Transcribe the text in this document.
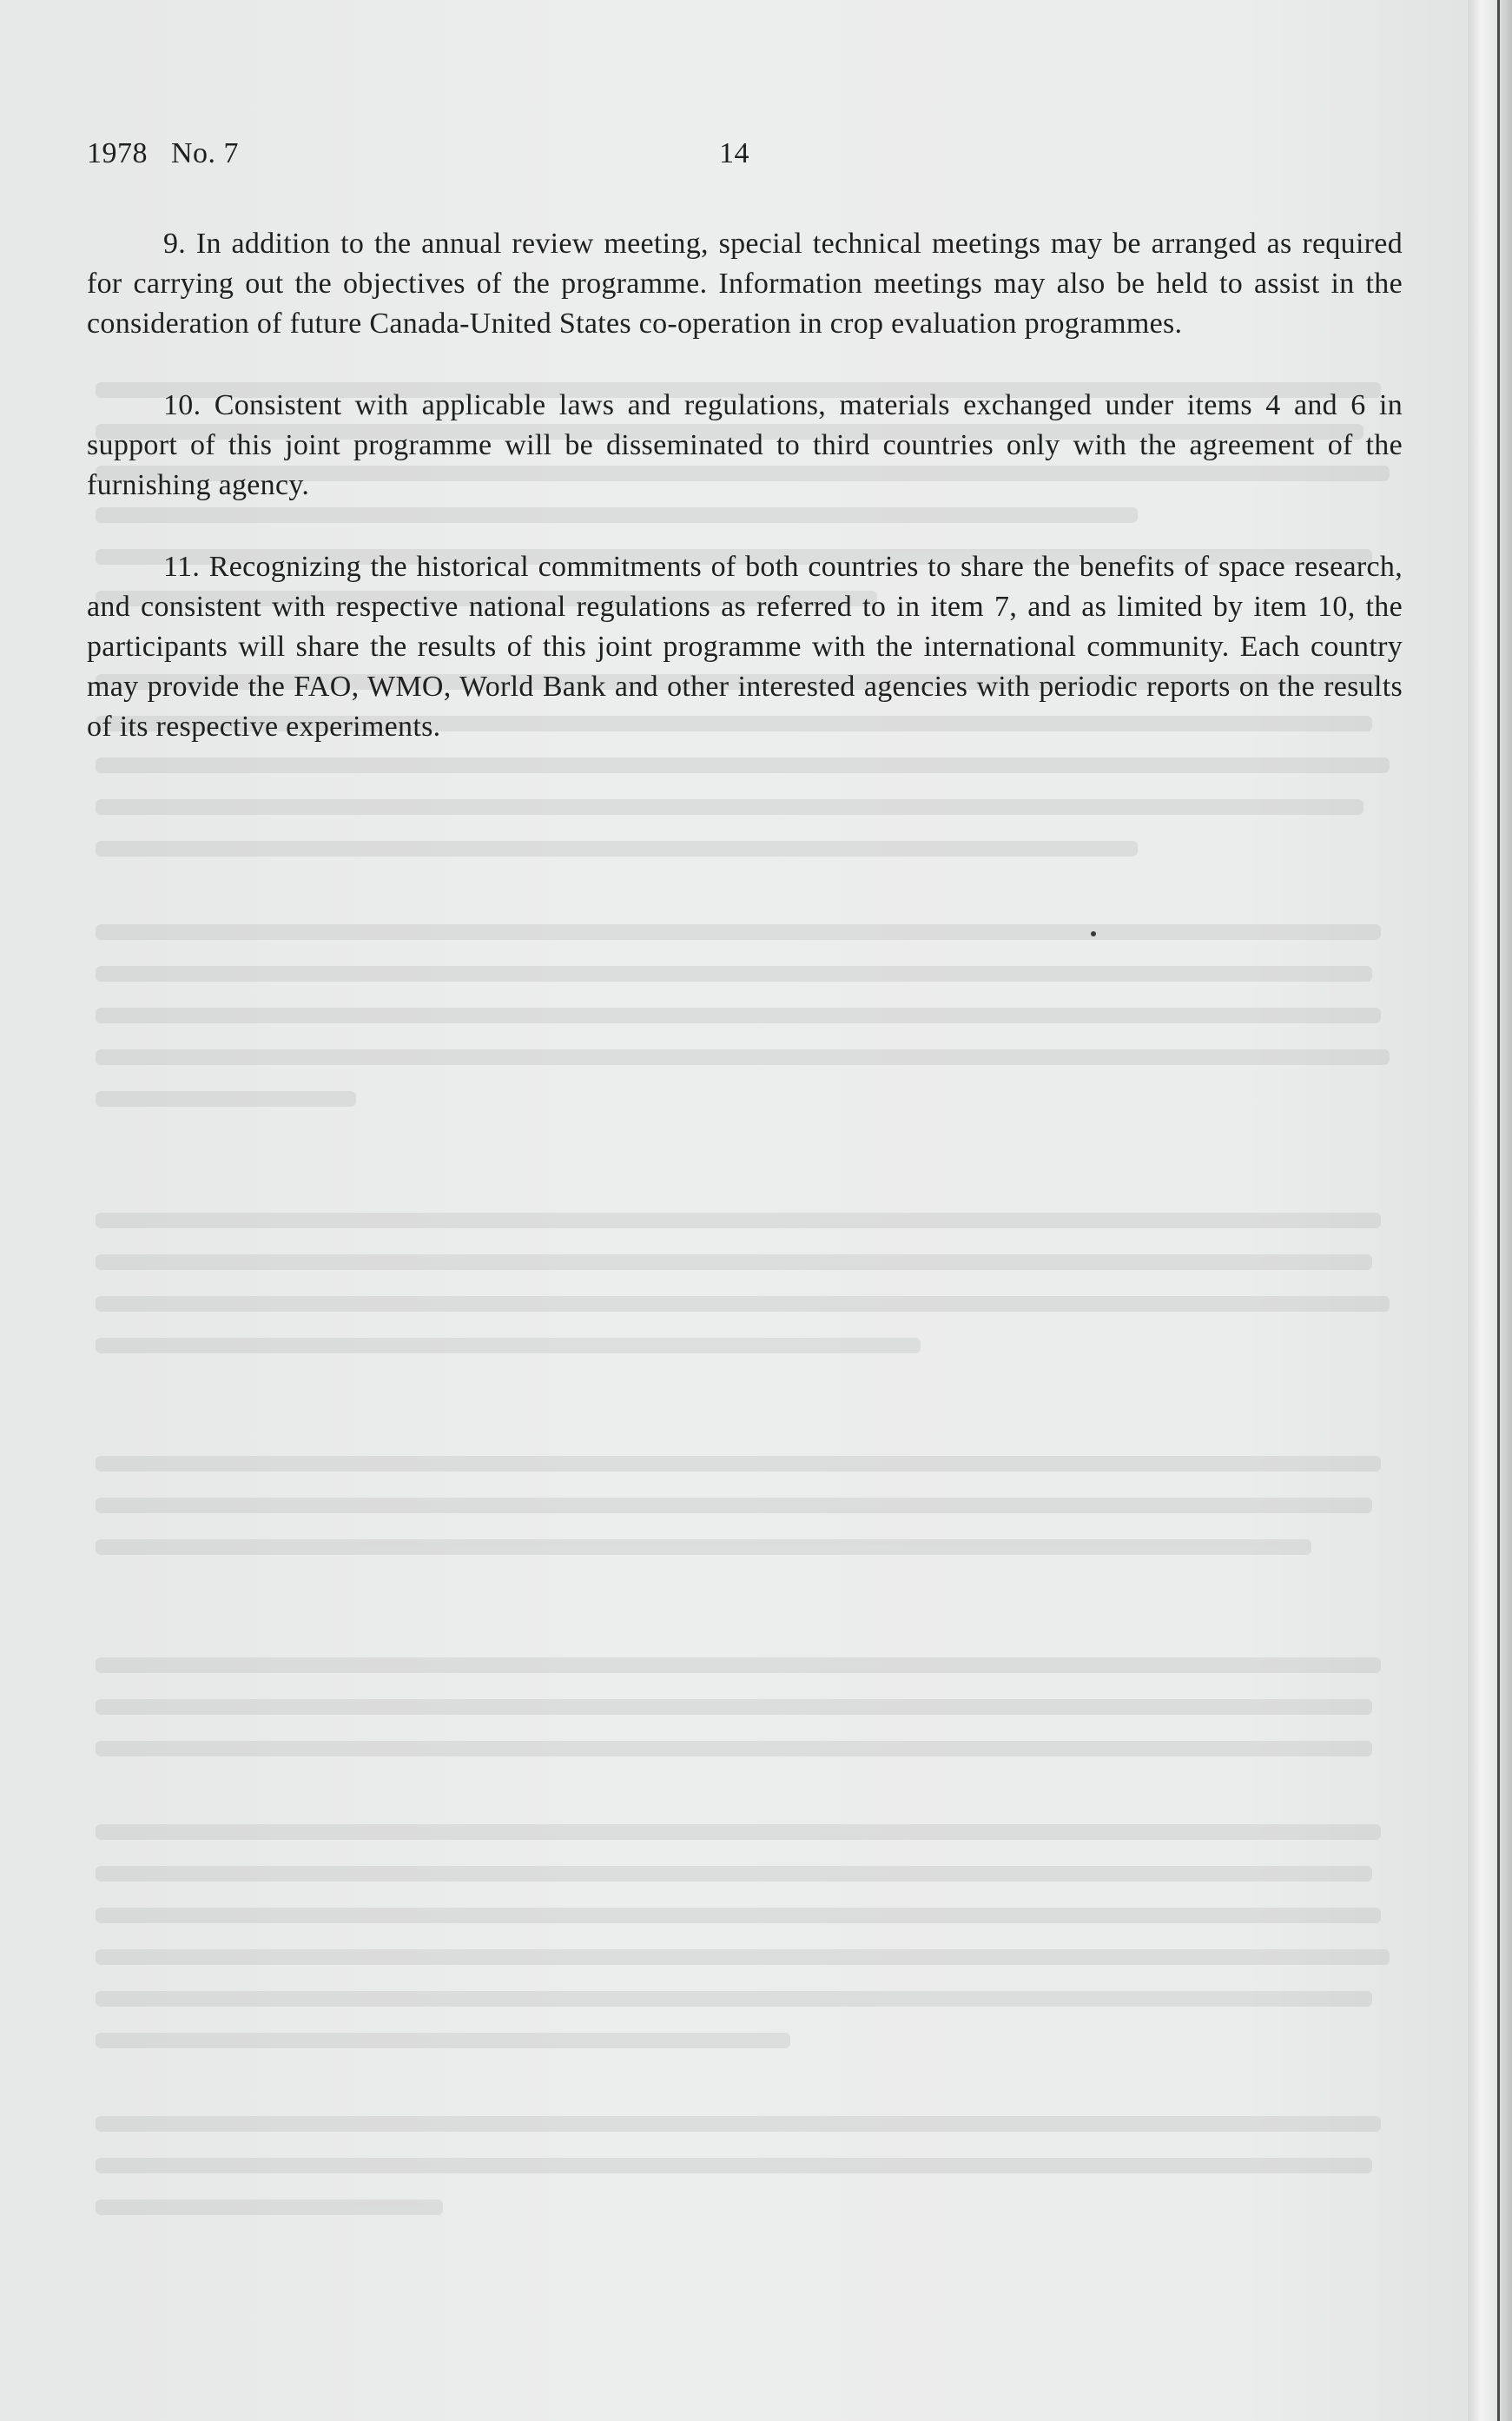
1978   No. 7	14

9. In addition to the annual review meeting, special technical meetings may be arranged as required for carrying out the objectives of the programme. Information meetings may also be held to assist in the consideration of future Canada-United States co-operation in crop evaluation programmes.

10. Consistent with applicable laws and regulations, materials exchanged under items 4 and 6 in support of this joint programme will be disseminated to third countries only with the agreement of the furnishing agency.

11. Recognizing the historical commitments of both countries to share the benefits of space research, and consistent with respective national regulations as referred to in item 7, and as limited by item 10, the participants will share the results of this joint programme with the international community. Each country may provide the FAO, WMO, World Bank and other interested agencies with periodic reports on the results of its respective experiments.
